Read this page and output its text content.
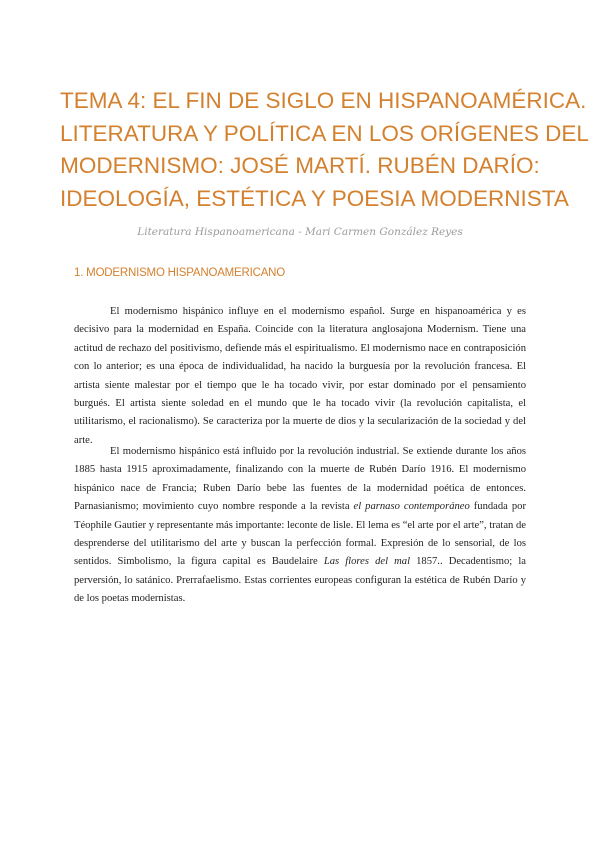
TEMA 4: EL FIN DE SIGLO EN HISPANOAMÉRICA.
LITERATURA Y POLÍTICA EN LOS ORÍGENES DEL
MODERNISMO: JOSÉ MARTÍ. RUBÉN DARÍO:
IDEOLOGÍA, ESTÉTICA Y POESIA MODERNISTA
Literatura Hispanoamericana - Mari Carmen González Reyes
1. MODERNISMO HISPANOAMERICANO

El modernismo hispánico influye en el modernismo español. Surge en hispanoamérica y es decisivo para la modernidad en España. Coincide con la literatura anglosajona Modernism. Tiene una actitud de rechazo del positivismo, defiende más el espiritualismo. El modernismo nace en contraposición con lo anterior; es una época de individualidad, ha nacido la burguesía por la revolución francesa. El artista siente malestar por el tiempo que le ha tocado vivir, por estar dominado por el pensamiento burgués. El artista siente soledad en el mundo que le ha tocado vivir (la revolución capitalista, el utilitarismo, el racionalismo). Se caracteriza por la muerte de dios y la secularización de la sociedad y del arte.

El modernismo hispánico está influido por la revolución industrial. Se extiende durante los años 1885 hasta 1915 aproximadamente, finalizando con la muerte de Rubén Darío 1916. El modernismo hispánico nace de Francia; Ruben Darío bebe las fuentes de la modernidad poética de entonces. Parnasianismo; movimiento cuyo nombre responde a la revista el parnaso contemporáneo fundada por Téophile Gautier y representante más importante: leconte de lisle. El lema es “el arte por el arte”, tratan de desprenderse del utilitarismo del arte y buscan la perfección formal. Expresión de lo sensorial, de los sentidos. Simbolismo, la figura capital es Baudelaire Las flores del mal 1857.. Decadentismo; la perversión, lo satánico. Prerrafaelismo. Estas corrientes europeas configuran la estética de Rubén Darío y de los poetas modernistas.
